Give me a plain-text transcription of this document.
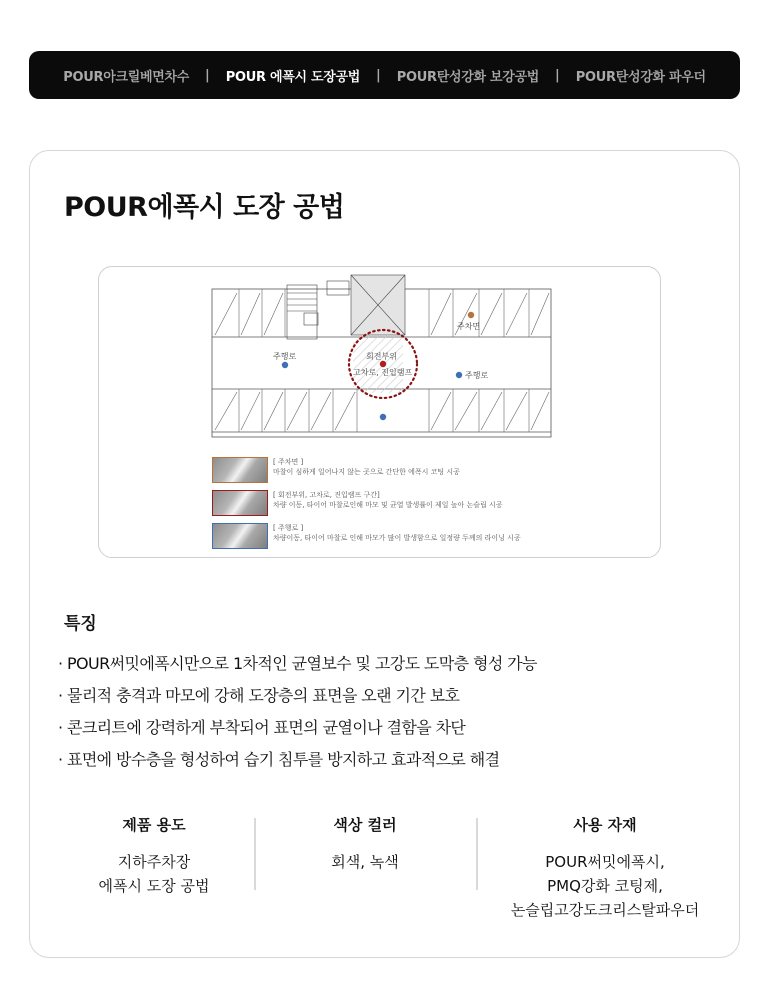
POUR아크릴베면차수 | POUR 에폭시 도장공법 | POUR탄성강화 보강공법 | POUR탄성강화 파우더
POUR에폭시 도장 공법
주차면
주행로
주행로
회전부위
고차로, 진입램프
[ 주차면 ]
마찰이 심하게 일어나지 않는 곳으로 간단한 에폭시 코팅 시공
[ 회전부위, 고차로, 진입램프 구간]
차량 이동, 타이어 마찰로인해 마모 및 균열 발생률이 제일 높아 논슬립 시공
[ 주행로 ]
차량이동, 타이어 마찰로 인해 마모가 많이 발생함으로 일정량 두께의 라이닝 시공
특징
· POUR써밋에폭시만으로 1차적인 균열보수 및 고강도 도막층 형성 가능
· 물리적 충격과 마모에 강해 도장층의 표면을 오랜 기간 보호
· 콘크리트에 강력하게 부착되어 표면의 균열이나 결함을 차단
· 표면에 방수층을 형성하여 습기 침투를 방지하고 효과적으로 해결
제품 용도
지하주차장
에폭시 도장 공법
색상 컬러
회색, 녹색
사용 자재
POUR써밋에폭시,
PMQ강화 코팅제,
논슬립고강도크리스탈파우더
